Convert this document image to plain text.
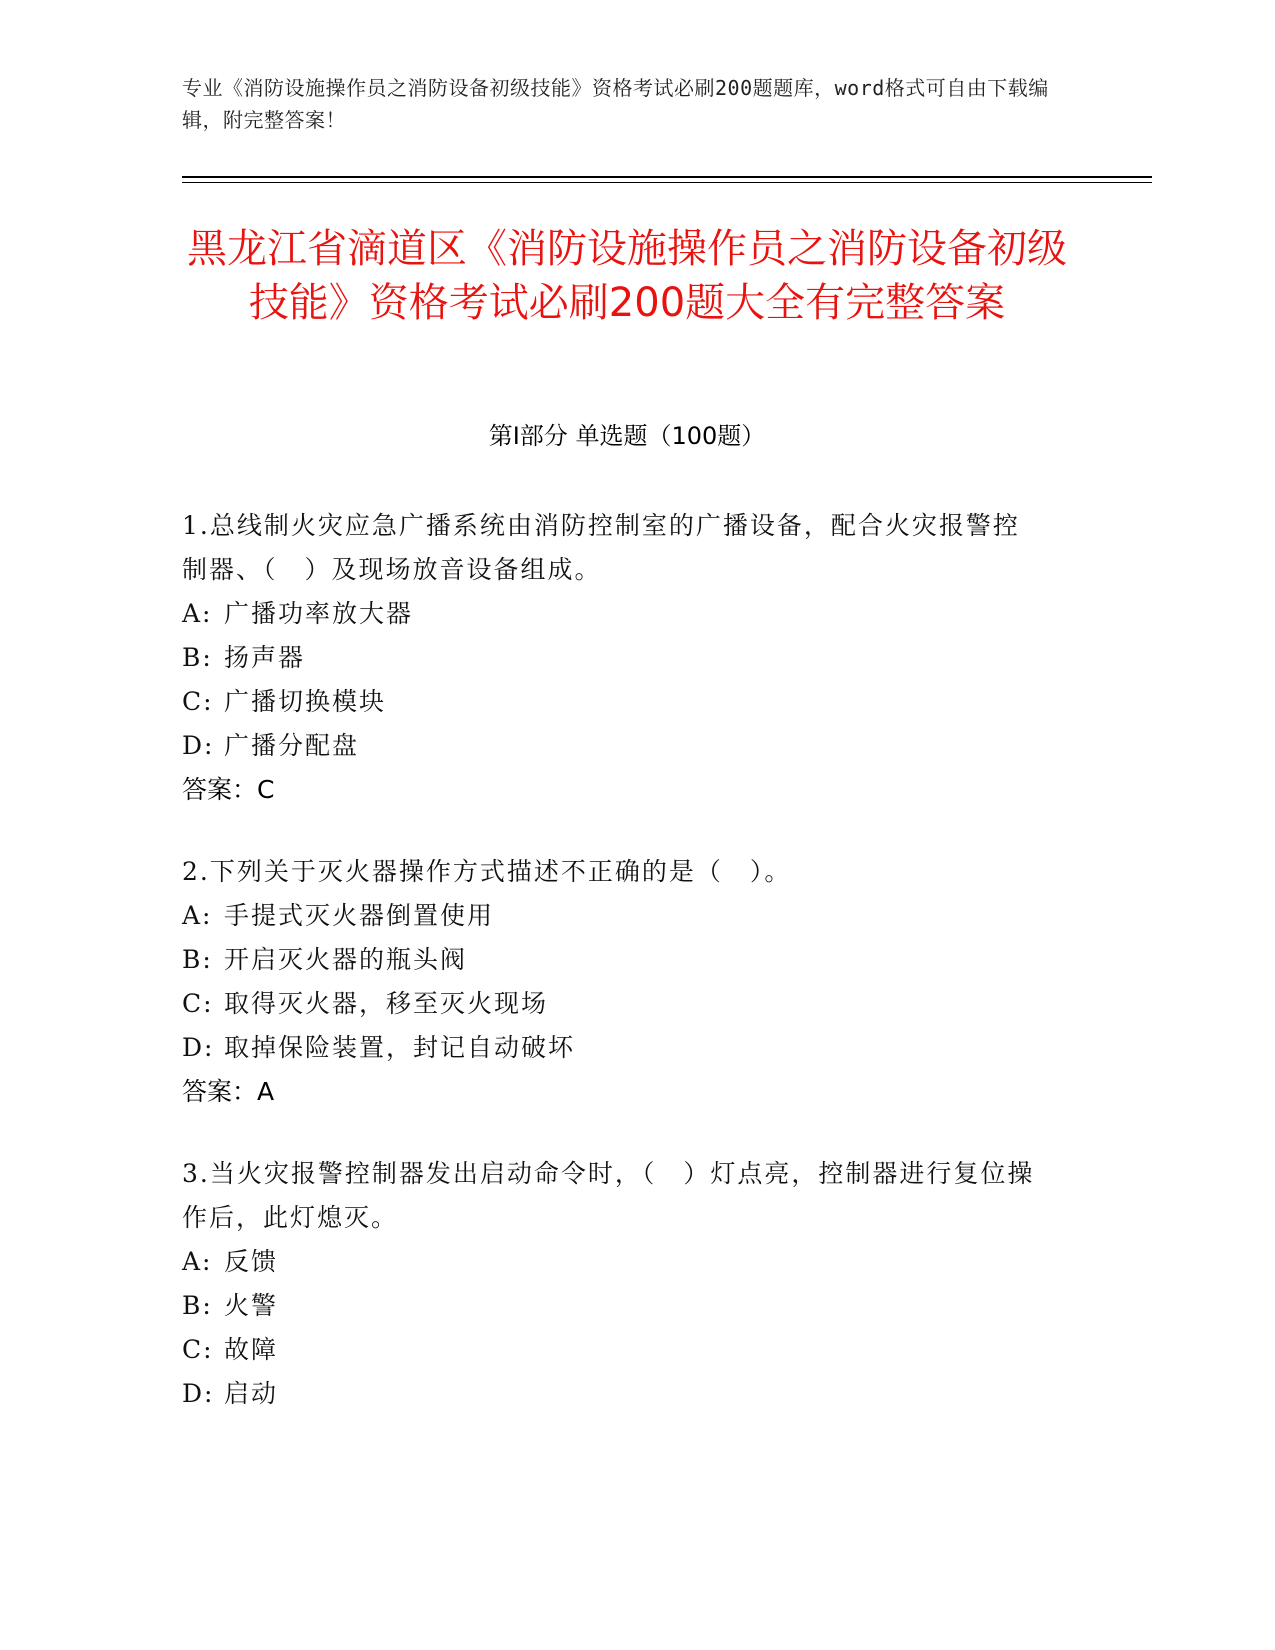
专业《消防设施操作员之消防设备初级技能》资格考试必刷200题题库，word格式可自由下载编辑，附完整答案！
黑龙江省滴道区《消防设施操作员之消防设备初级技能》资格考试必刷200题大全有完整答案
第I部分 单选题（100题）
1.总线制火灾应急广播系统由消防控制室的广播设备，配合火灾报警控制器、（　）及现场放音设备组成。
A: 广播功率放大器
B: 扬声器
C: 广播切换模块
D: 广播分配盘
答案：C
2.下列关于灭火器操作方式描述不正确的是（　）。
A: 手提式灭火器倒置使用
B: 开启灭火器的瓶头阀
C: 取得灭火器，移至灭火现场
D: 取掉保险装置，封记自动破坏
答案：A
3.当火灾报警控制器发出启动命令时，（　）灯点亮，控制器进行复位操作后，此灯熄灭。
A: 反馈
B: 火警
C: 故障
D: 启动
